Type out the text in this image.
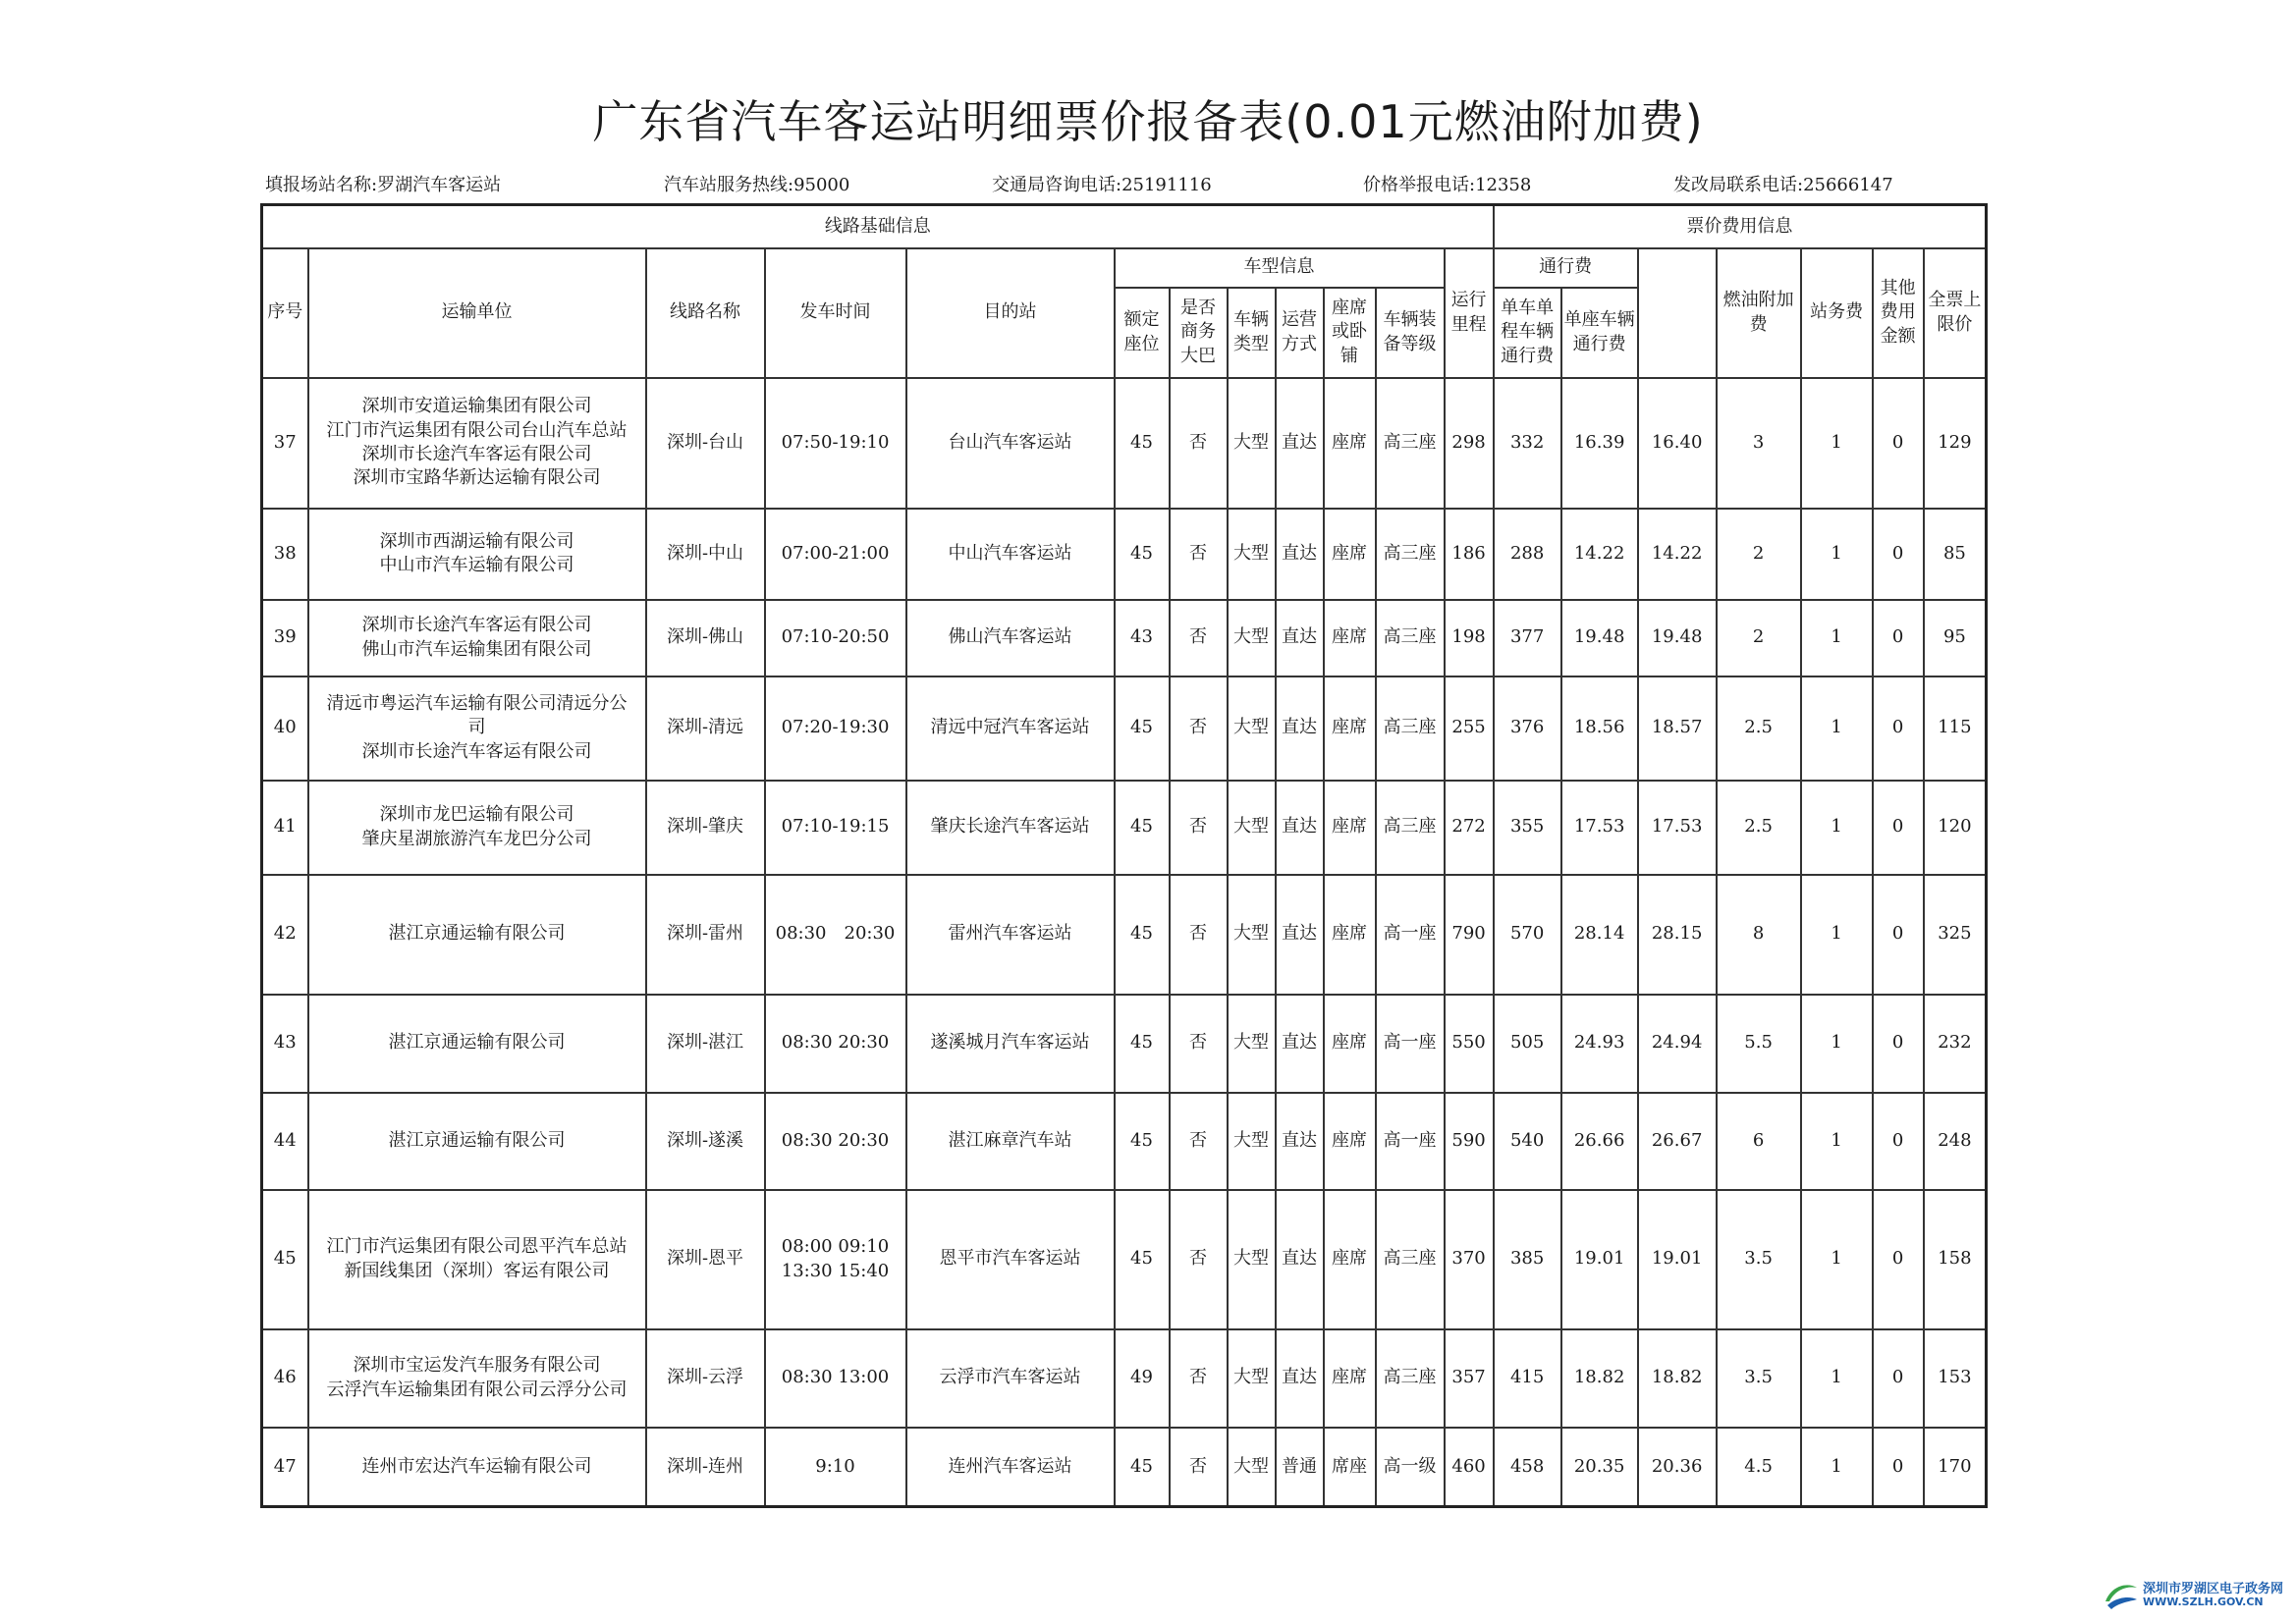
广东省汽车客运站明细票价报备表(0.01元燃油附加费)
填报场站名称:罗湖汽车客运站	汽车站服务热线:95000	交通局咨询电话:25191116	价格举报电话:12358	发改局联系电话:25666147
线路基础信息												票价费用信息						
序号	运输单位	线路名称	发车时间	目的站	车型信息						运行里程	通行费			燃油附加费	站务费	其他费用金额	全票上限价
					额定座位	是否商务大巴	车辆类型	运营方式	座席或卧铺	车辆装备等级		单车单程车辆通行费	单座车辆通行费					
37	深圳市安道运输集团有限公司
江门市汽运集团有限公司台山汽车总站
深圳市长途汽车客运有限公司
深圳市宝路华新达运输有限公司	深圳-台山	07:50-19:10	台山汽车客运站	45	否	大型	直达	座席	高三座	298	332	16.39	16.40	3	1	0	129
38	深圳市西湖运输有限公司
中山市汽车运输有限公司	深圳-中山	07:00-21:00	中山汽车客运站	45	否	大型	直达	座席	高三座	186	288	14.22	14.22	2	1	0	85
39	深圳市长途汽车客运有限公司
佛山市汽车运输集团有限公司	深圳-佛山	07:10-20:50	佛山汽车客运站	43	否	大型	直达	座席	高三座	198	377	19.48	19.48	2	1	0	95
40	清远市粤运汽车运输有限公司清远分公
司
深圳市长途汽车客运有限公司	深圳-清远	07:20-19:30	清远中冠汽车客运站	45	否	大型	直达	座席	高三座	255	376	18.56	18.57	2.5	1	0	115
41	深圳市龙巴运输有限公司
肇庆星湖旅游汽车龙巴分公司	深圳-肇庆	07:10-19:15	肇庆长途汽车客运站	45	否	大型	直达	座席	高三座	272	355	17.53	17.53	2.5	1	0	120
42	湛江京通运输有限公司	深圳-雷州	08:30　20:30	雷州汽车客运站	45	否	大型	直达	座席	高一座	790	570	28.14	28.15	8	1	0	325
43	湛江京通运输有限公司	深圳-湛江	08:30 20:30	遂溪城月汽车客运站	45	否	大型	直达	座席	高一座	550	505	24.93	24.94	5.5	1	0	232
44	湛江京通运输有限公司	深圳-遂溪	08:30 20:30	湛江麻章汽车站	45	否	大型	直达	座席	高一座	590	540	26.66	26.67	6	1	0	248
45	江门市汽运集团有限公司恩平汽车总站
新国线集团（深圳）客运有限公司	深圳-恩平	08:00 09:10
13:30 15:40	恩平市汽车客运站	45	否	大型	直达	座席	高三座	370	385	19.01	19.01	3.5	1	0	158
46	深圳市宝运发汽车服务有限公司
云浮汽车运输集团有限公司云浮分公司	深圳-云浮	08:30 13:00	云浮市汽车客运站	49	否	大型	直达	座席	高三座	357	415	18.82	18.82	3.5	1	0	153
47	连州市宏达汽车运输有限公司	深圳-连州	9:10	连州汽车客运站	45	否	大型	普通	席座	高一级	460	458	20.35	20.36	4.5	1	0	170
深圳市罗湖区电子政务网
WWW.SZLH.GOV.CN
